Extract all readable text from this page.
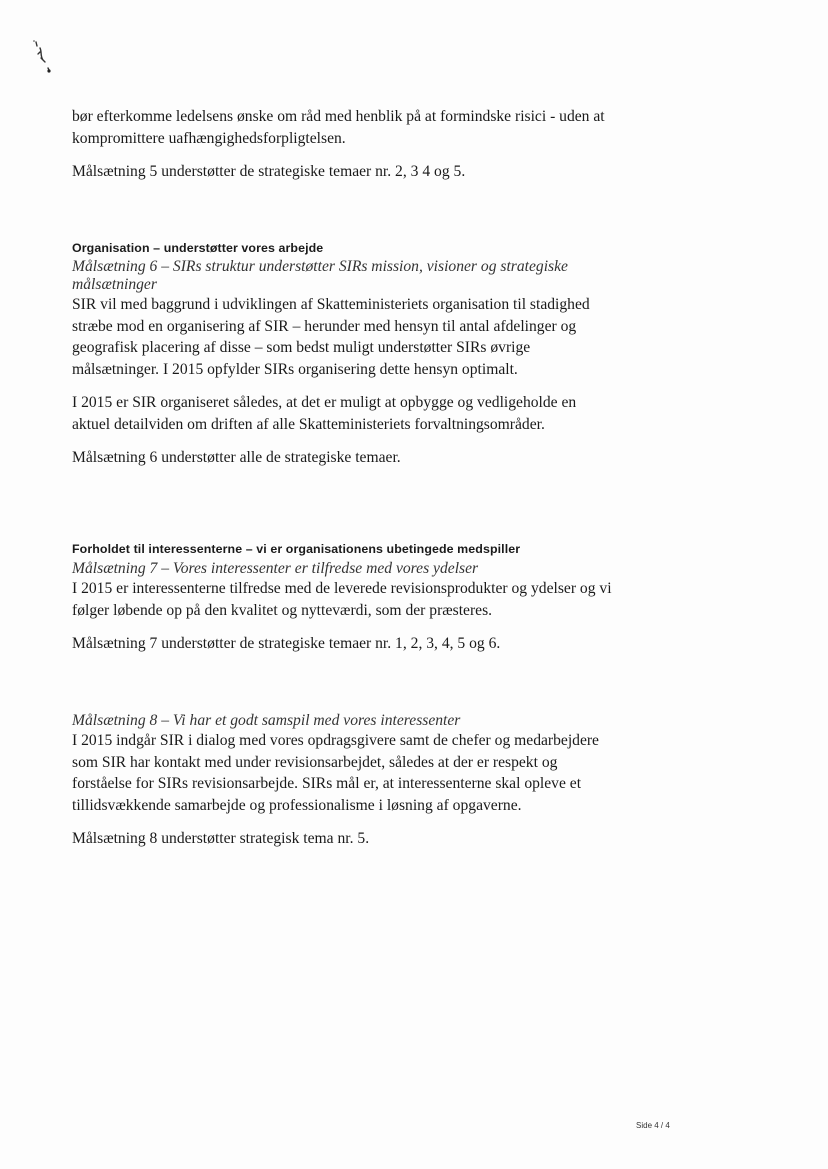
bør efterkomme ledelsens ønske om råd med henblik på at formindske risici - uden at kompromittere uafhængighedsforpligtelsen.

Målsætning 5 understøtter de strategiske temaer nr. 2, 3 4 og 5.

Organisation – understøtter vores arbejde

Målsætning 6 – SIRs struktur understøtter SIRs mission, visioner og strategiske målsætninger

SIR vil med baggrund i udviklingen af Skatteministeriets organisation til stadighed stræbe mod en organisering af SIR – herunder med hensyn til antal afdelinger og geografisk placering af disse – som bedst muligt understøtter SIRs øvrige målsætninger. I 2015 opfylder SIRs organisering dette hensyn optimalt.

I 2015 er SIR organiseret således, at det er muligt at opbygge og vedligeholde en aktuel detailviden om driften af alle Skatteministeriets forvaltningsområder.

Målsætning 6 understøtter alle de strategiske temaer.

Forholdet til interessenterne – vi er organisationens ubetingede medspiller

Målsætning 7 – Vores interessenter er tilfredse med vores ydelser

I 2015 er interessenterne tilfredse med de leverede revisionsprodukter og ydelser og vi følger løbende op på den kvalitet og nytteværdi, som der præsteres.

Målsætning 7 understøtter de strategiske temaer nr. 1, 2, 3, 4, 5 og 6.

Målsætning 8 – Vi har et godt samspil med vores interessenter

I 2015 indgår SIR i dialog med vores opdragsgivere samt de chefer og medarbejdere som SIR har kontakt med under revisionsarbejdet, således at der er respekt og forståelse for SIRs revisionsarbejde. SIRs mål er, at interessenterne skal opleve et tillidsvækkende samarbejde og professionalisme i løsning af opgaverne.

Målsætning 8 understøtter strategisk tema nr. 5.

Side 4 / 4
